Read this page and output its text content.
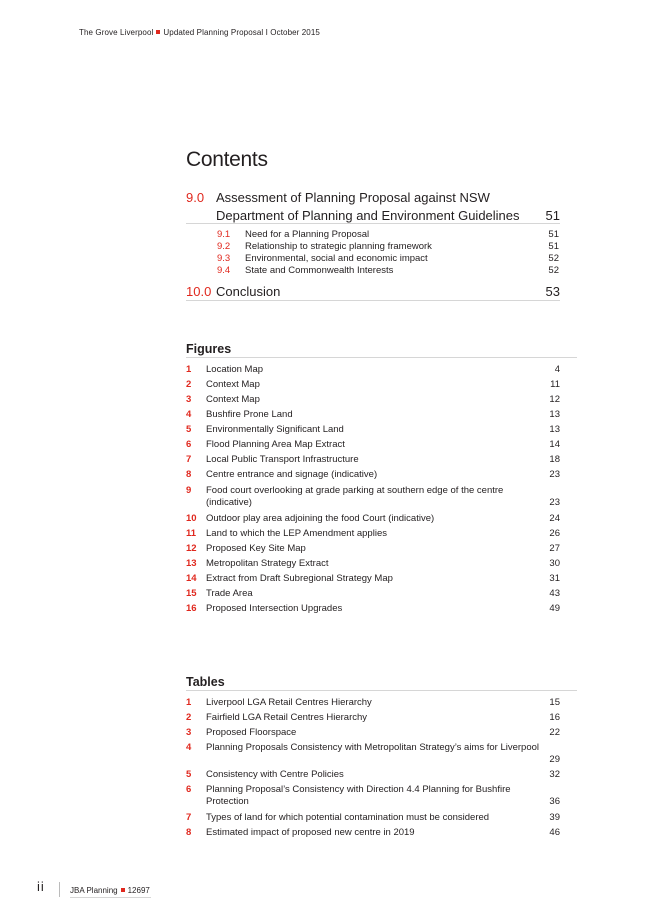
The Grove Liverpool Updated Planning Proposal I October 2015
Contents
9.0 Assessment of Planning Proposal against NSW Department of Planning and Environment Guidelines	51
9.1 Need for a Planning Proposal	51
9.2 Relationship to strategic planning framework	51
9.3 Environmental, social and economic impact	52
9.4 State and Commonwealth Interests	52
10.0 Conclusion	53
Figures
1 Location Map	4
2 Context Map	11
3 Context Map	12
4 Bushfire Prone Land	13
5 Environmentally Significant Land	13
6 Flood Planning Area Map Extract	14
7 Local Public Transport Infrastructure	18
8 Centre entrance and signage (indicative)	23
9 Food court overlooking at grade parking at southern edge of the centre (indicative)	23
10 Outdoor play area adjoining the food Court (indicative)	24
11 Land to which the LEP Amendment applies	26
12 Proposed Key Site Map	27
13 Metropolitan Strategy Extract	30
14 Extract from Draft Subregional Strategy Map	31
15 Trade Area	43
16 Proposed Intersection Upgrades	49
Tables
1 Liverpool LGA Retail Centres Hierarchy	15
2 Fairfield LGA Retail Centres Hierarchy	16
3 Proposed Floorspace	22
4 Planning Proposals Consistency with Metropolitan Strategy’s aims for Liverpool
29
5 Consistency with Centre Policies	32
6 Planning Proposal’s Consistency with Direction 4.4 Planning for Bushfire Protection	36
7 Types of land for which potential contamination must be considered	39
8 Estimated impact of proposed new centre in 2019	46
ii	JBA Planning 12697
